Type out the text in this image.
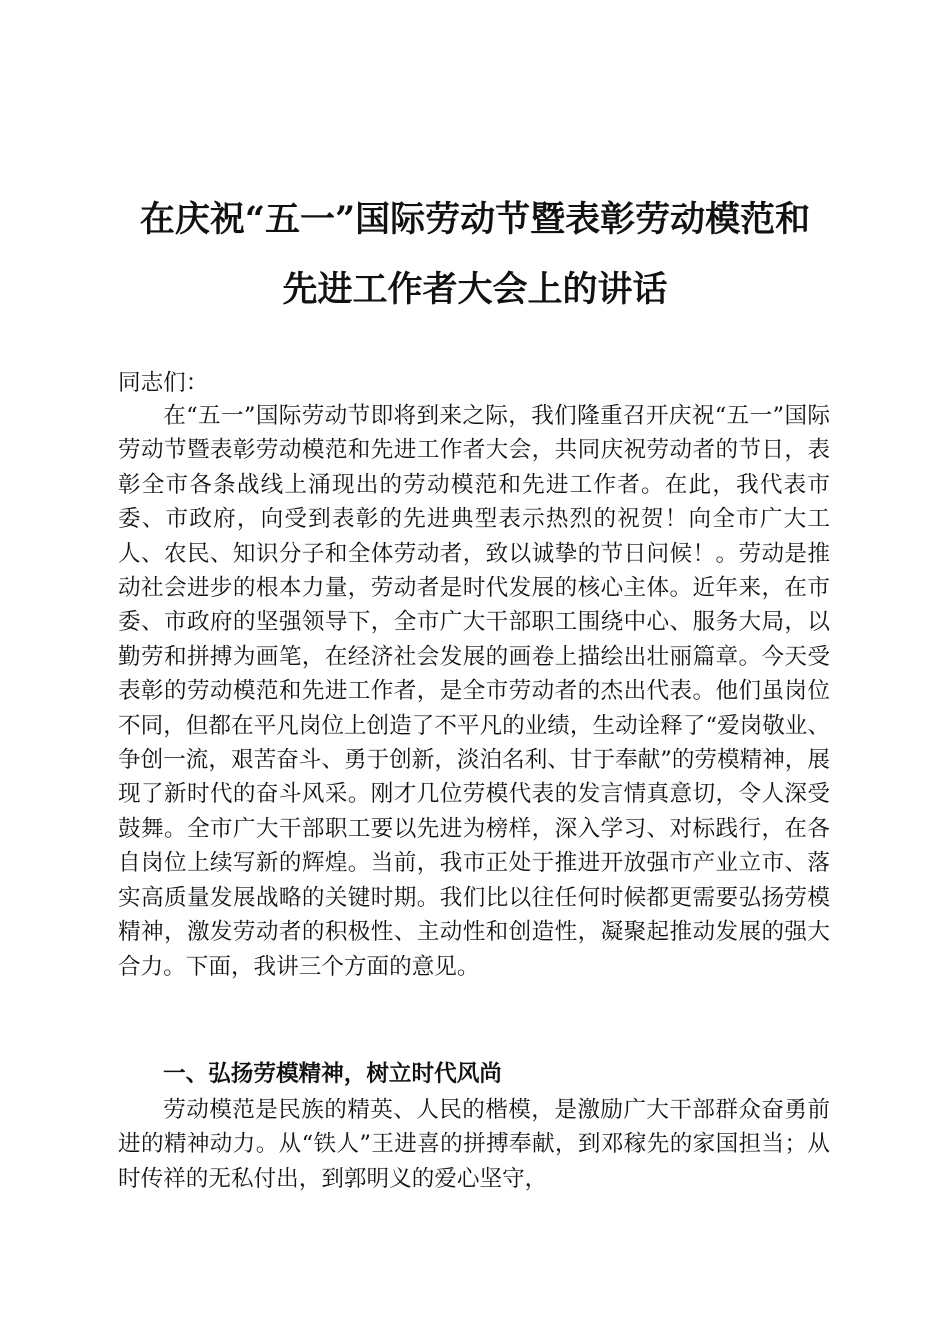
在庆祝“五一”国际劳动节暨表彰劳动模范和
先进工作者大会上的讲话

同志们：

在“五一”国际劳动节即将到来之际，我们隆重召开庆祝“五一”国际劳动节暨表彰劳动模范和先进工作者大会，共同庆祝劳动者的节日，表彰全市各条战线上涌现出的劳动模范和先进工作者。在此，我代表市委、市政府，向受到表彰的先进典型表示热烈的祝贺！向全市广大工人、农民、知识分子和全体劳动者，致以诚挚的节日问候！。劳动是推动社会进步的根本力量，劳动者是时代发展的核心主体。近年来，在市委、市政府的坚强领导下，全市广大干部职工围绕中心、服务大局，以勤劳和拼搏为画笔，在经济社会发展的画卷上描绘出壮丽篇章。今天受表彰的劳动模范和先进工作者，是全市劳动者的杰出代表。他们虽岗位不同，但都在平凡岗位上创造了不平凡的业绩，生动诠释了“爱岗敬业、争创一流，艰苦奋斗、勇于创新，淡泊名利、甘于奉献”的劳模精神，展现了新时代的奋斗风采。刚才几位劳模代表的发言情真意切，令人深受鼓舞。全市广大干部职工要以先进为榜样，深入学习、对标践行，在各自岗位上续写新的辉煌。当前，我市正处于推进开放强市产业立市、落实高质量发展战略的关键时期。我们比以往任何时候都更需要弘扬劳模精神，激发劳动者的积极性、主动性和创造性，凝聚起推动发展的强大合力。下面，我讲三个方面的意见。

一、弘扬劳模精神，树立时代风尚

劳动模范是民族的精英、人民的楷模，是激励广大干部群众奋勇前进的精神动力。从“铁人”王进喜的拼搏奉献，到邓稼先的家国担当；从时传祥的无私付出，到郭明义的爱心坚守，
